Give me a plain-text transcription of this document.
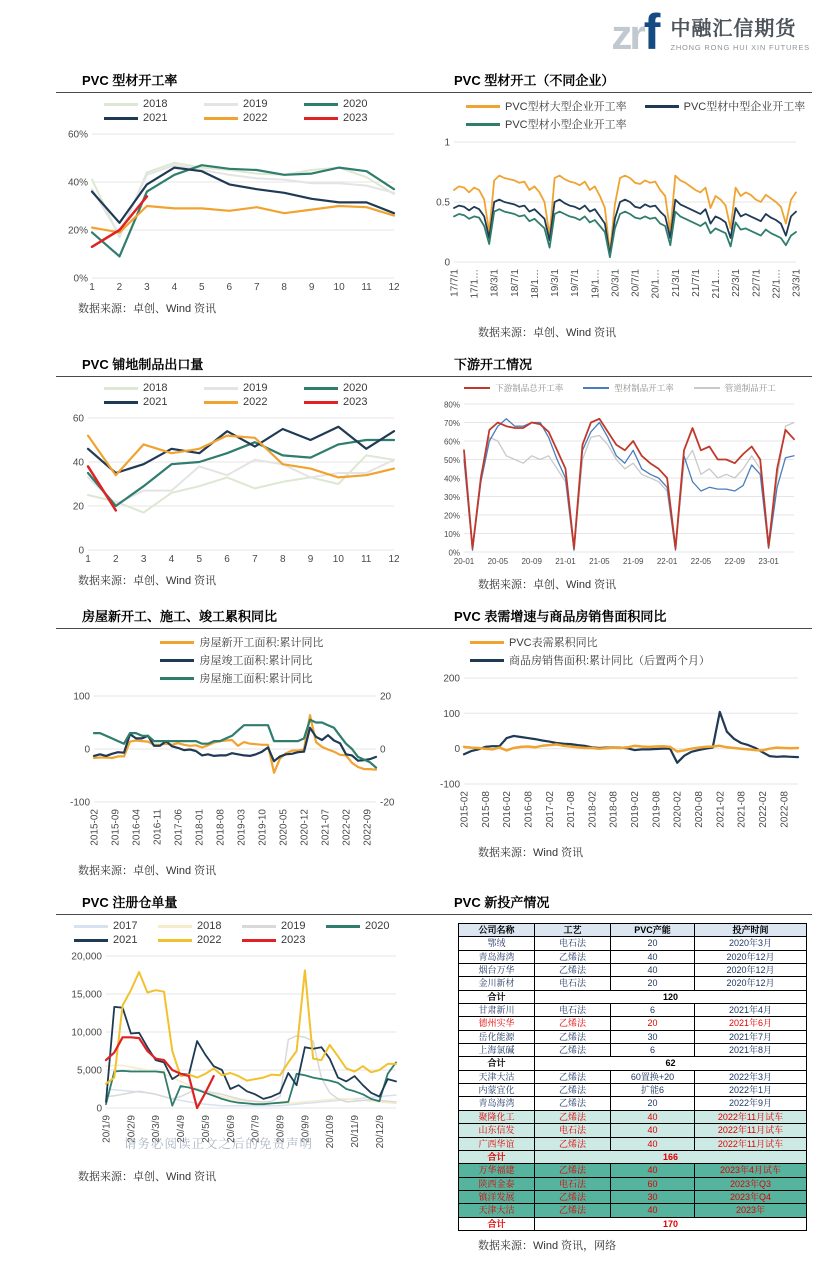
zr f 中融汇信期货
ZHONG RONG HUI XIN FUTURES
PVC 型材开工率
2018	2019	2020
2021	2022	2023
0%
20%
40%
60%
1 2 3 4 5 6 7 8 9 10 11 12
数据来源：卓创、Wind 资讯
PVC 型材开工（不同企业）
PVC型材大型企业开工率	PVC型材中型企业开工率
PVC型材小型企业开工率
0
0.5
1
17/7/1 17/1… 18/3/1 18/7/1 18/1… 19/3/1 19/7/1 19/1… 20/3/1 20/7/1 20/1… 21/3/1 21/7/1 21/1… 22/3/1 22/7/1 22/1… 23/3/1
数据来源：卓创、Wind 资讯
PVC 铺地制品出口量
2018	2019	2020
2021	2022	2023
0
20
40
60
1 2 3 4 5 6 7 8 9 10 11 12
数据来源：卓创、Wind 资讯
下游开工情况
下游制品总开工率	型材制品开工率	管道制品开工
0%
10%
20%
30%
40%
50%
60%
70%
80%
20-01 20-05 20-09 21-01 21-05 21-09 22-01 22-05 22-09 23-01
数据来源：卓创、Wind 资讯
房屋新开工、施工、竣工累积同比
房屋新开工面积:累计同比
房屋竣工面积:累计同比
房屋施工面积:累计同比
-100
0
100
-20
0
20
2015-02 2015-09 2016-04 2016-11 2017-06 2018-01 2018-08 2019-03 2019-10 2020-05 2020-12 2021-07 2022-02 2022-09
数据来源：卓创、Wind 资讯
PVC 表需增速与商品房销售面积同比
PVC表需累积同比
商品房销售面积:累计同比（后置两个月）
-100
0
100
200
2015-02 2015-08 2016-02 2016-08 2017-02 2017-08 2018-02 2018-08 2019-02 2019-08 2020-02 2020-08 2021-02 2021-08 2022-02 2022-08
数据来源：Wind 资讯
PVC 注册仓单量
2017	2018	2019	2020
2021	2022	2023
0
5,000
10,000
15,000
20,000
20/1/9 20/2/9 20/3/9 20/4/9 20/5/9 20/6/9 20/7/9 20/8/9 20/9/9 20/10/9 20/11/9 20/12/9
数据来源：卓创、Wind 资讯
PVC 新投产情况
公司名称	工艺	PVC产能	投产时间
鄂绒	电石法	20	2020年3月
青岛海湾	乙烯法	40	2020年12月
烟台万华	乙烯法	40	2020年12月
金川新材	电石法	20	2020年12月
合计	120		
甘肃新川	电石法	6	2021年4月
德州实华	乙烯法	20	2021年6月
岳化能源	乙烯法	30	2021年7月
上海氯碱	乙烯法	6	2021年8月
合计	62		
天津大沽	乙烯法	60置换+20	2022年3月
内蒙宜化	乙烯法	扩能6	2022年1月
青岛海湾	乙烯法	20	2022年9月
聚隆化工	乙烯法	40	2022年11月试车
山东信发	电石法	40	2022年11月试车
广西华谊	乙烯法	40	2022年11月试车
合计	166		
万华福建	乙烯法	40	2023年4月试车
陕西金泰	电石法	60	2023年Q3
镇洋发展	乙烯法	30	2023年Q4
天津大沽	乙烯法	40	2023年
合计	170		
数据来源：Wind 资讯，网络
请务必阅读正文之后的免责声明
